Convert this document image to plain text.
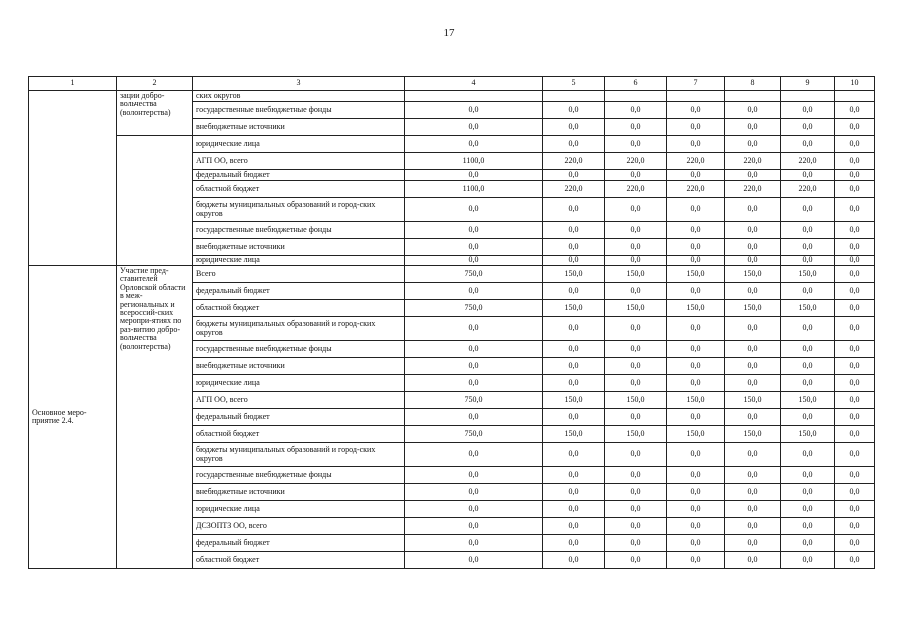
17
1	2	3	4	5	6	7	8	9	10
	зации добро-вольчества (волонтерства)	ских округов							
		государственные внебюджетные фонды	0,0	0,0	0,0	0,0	0,0	0,0	0,0
		внебюджетные источники	0,0	0,0	0,0	0,0	0,0	0,0	0,0
		юридические лица	0,0	0,0	0,0	0,0	0,0	0,0	0,0
		АГП ОО, всего	1100,0	220,0	220,0	220,0	220,0	220,0	0,0
		федеральный бюджет	0,0	0,0	0,0	0,0	0,0	0,0	0,0
		областной бюджет	1100,0	220,0	220,0	220,0	220,0	220,0	0,0
		бюджеты муниципальных образований и город-ских округов	0,0	0,0	0,0	0,0	0,0	0,0	0,0
		государственные внебюджетные фонды	0,0	0,0	0,0	0,0	0,0	0,0	0,0
		внебюджетные источники	0,0	0,0	0,0	0,0	0,0	0,0	0,0
		юридические лица	0,0	0,0	0,0	0,0	0,0	0,0	0,0
Основное меро-приятие 2.4.	Участие пред-ставителей Орловской области в меж-региональных и всероссий-ских меропри-ятиях по раз-витию добро-вольчества (волонтерства)	Всего	750,0	150,0	150,0	150,0	150,0	150,0	0,0
		федеральный бюджет	0,0	0,0	0,0	0,0	0,0	0,0	0,0
		областной бюджет	750,0	150,0	150,0	150,0	150,0	150,0	0,0
		бюджеты муниципальных образований и город-ских округов	0,0	0,0	0,0	0,0	0,0	0,0	0,0
		государственные внебюджетные фонды	0,0	0,0	0,0	0,0	0,0	0,0	0,0
		внебюджетные источники	0,0	0,0	0,0	0,0	0,0	0,0	0,0
		юридические лица	0,0	0,0	0,0	0,0	0,0	0,0	0,0
		АГП ОО, всего	750,0	150,0	150,0	150,0	150,0	150,0	0,0
		федеральный бюджет	0,0	0,0	0,0	0,0	0,0	0,0	0,0
		областной бюджет	750,0	150,0	150,0	150,0	150,0	150,0	0,0
		бюджеты муниципальных образований и город-ских округов	0,0	0,0	0,0	0,0	0,0	0,0	0,0
		государственные внебюджетные фонды	0,0	0,0	0,0	0,0	0,0	0,0	0,0
		внебюджетные источники	0,0	0,0	0,0	0,0	0,0	0,0	0,0
		юридические лица	0,0	0,0	0,0	0,0	0,0	0,0	0,0
		ДСЗОПТЗ ОО, всего	0,0	0,0	0,0	0,0	0,0	0,0	0,0
		федеральный бюджет	0,0	0,0	0,0	0,0	0,0	0,0	0,0
		областной бюджет	0,0	0,0	0,0	0,0	0,0	0,0	0,0
